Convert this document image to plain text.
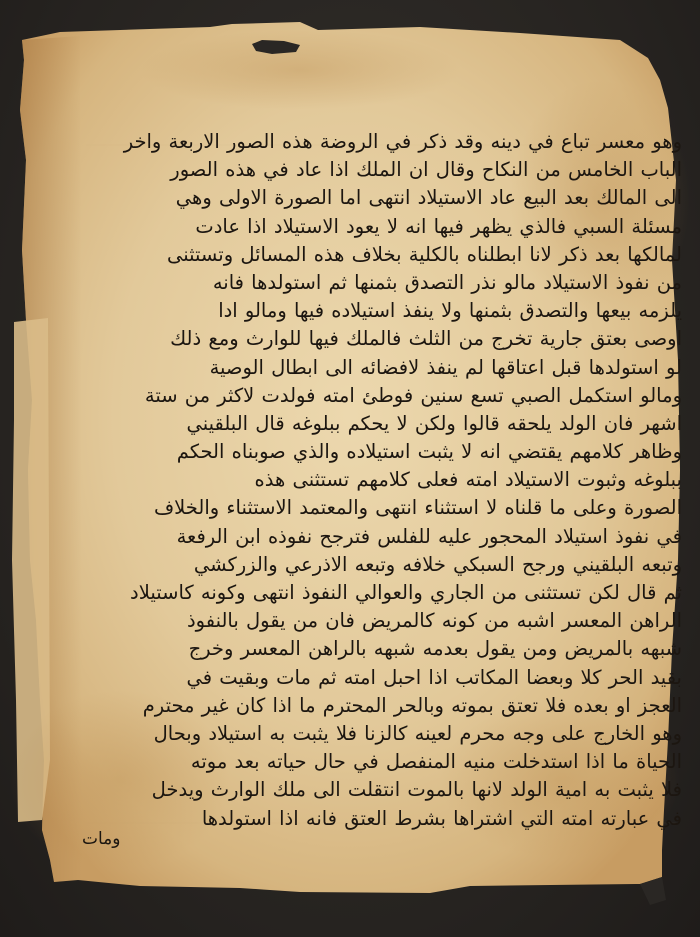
وهو معسر تباع في دينه وقد ذكر في الروضة هذه الصور الاربعة واخر
الباب الخامس من النكاح وقال ان الملك اذا عاد في هذه الصور
الى المالك بعد البيع عاد الاستيلاد انتهى اما الصورة الاولى وهي
مسئلة السبي فالذي يظهر فيها انه لا يعود الاستيلاد اذا عادت
لمالكها بعد ذكر لانا ابطلناه بالكلية بخلاف هذه المسائل وتستثنى
من نفوذ الاستيلاد مالو نذر التصدق بثمنها ثم استولدها فانه
يلزمه بيعها والتصدق بثمنها ولا ينفذ استيلاده فيها ومالو ادا
اوصى بعتق جارية تخرج من الثلث فالملك فيها للوارث ومع ذلك
لو استولدها قبل اعتاقها لم ينفذ لافضائه الى ابطال الوصية
ومالو استكمل الصبي تسع سنين فوطئ امته فولدت لاكثر من ستة
اشهر فان الولد يلحقه قالوا ولكن لا يحكم ببلوغه قال البلقيني
وظاهر كلامهم يقتضي انه لا يثبت استيلاده والذي صوبناه الحكم
ببلوغه وثبوت الاستيلاد امته فعلى كلامهم تستثنى هذه
الصورة وعلى ما قلناه لا استثناء انتهى والمعتمد الاستثناء والخلاف
في نفوذ استيلاد المحجور عليه للفلس فترجح نفوذه ابن الرفعة
وتبعه البلقيني ورجح السبكي خلافه وتبعه الاذرعي والزركشي
ثم قال لكن تستثنى من الجاري والعوالي النفوذ انتهى وكونه كاستيلاد
الراهن المعسر اشبه من كونه كالمريض فان من يقول بالنفوذ
شبهه بالمريض ومن يقول بعدمه شبهه بالراهن المعسر وخرج
بقيد الحر كلا وبعضا المكاتب اذا احبل امته ثم مات وبقيت في
العجز او بعده فلا تعتق بموته وبالحر المحترم ما اذا كان غير محترم
وهو الخارج على وجه محرم لعينه كالزنا فلا يثبت به استيلاد وبحال
الحياة ما اذا استدخلت منيه المنفصل في حال حياته بعد موته
فلا يثبت به امية الولد لانها بالموت انتقلت الى ملك الوارث ويدخل
في عبارته امته التي اشتراها بشرط العتق فانه اذا استولدها
ومات
